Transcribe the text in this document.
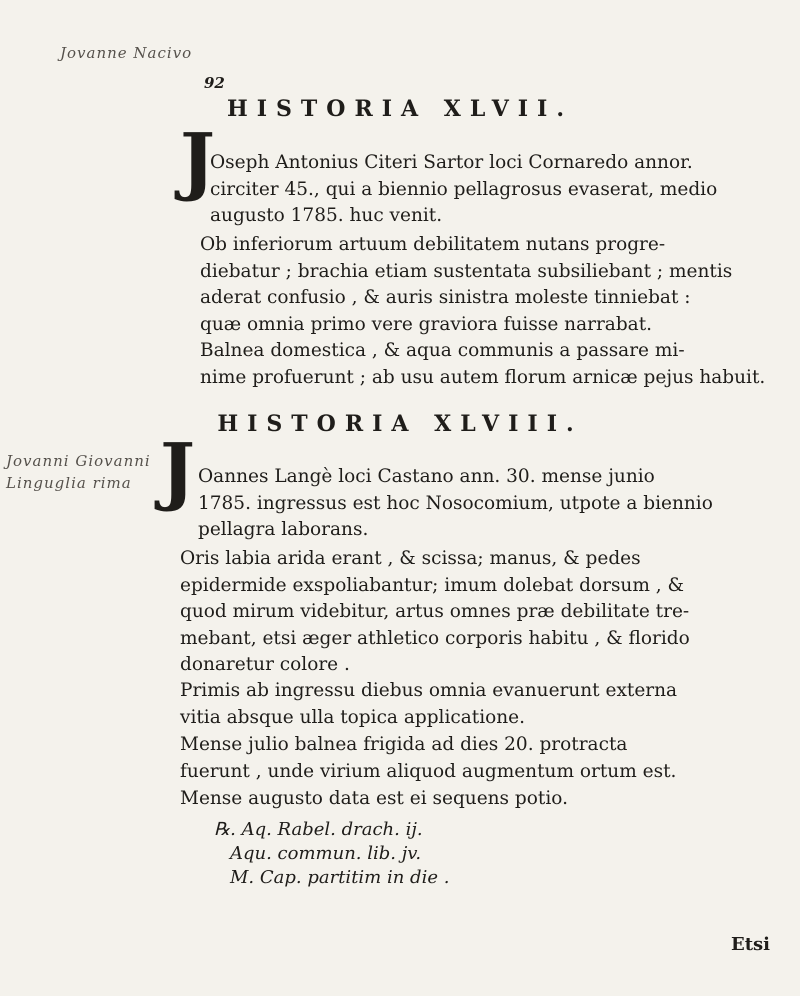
Jovanne Nacivo
92
HISTORIA XLVII.
J

Oseph Antonius Citeri Sartor loci Cornaredo annor.
circiter 45., qui a biennio pellagrosus evaserat, medio
augusto 1785. huc venit.

Ob inferiorum artuum debilitatem nutans progre-
diebatur ; brachia etiam sustentata subsiliebant ; mentis
aderat confusio , & auris sinistra moleste tinniebat :
quæ omnia primo vere graviora fuisse narrabat.

Balnea domestica , & aqua communis a passare mi-
nime profuerunt ; ab usu autem florum arnicæ pejus habuit.

HISTORIA XLVIII.
Jovanni Giovanni
Linguglia rima J Oannes Langè loci Castano ann. 30. mense junio
1785. ingressus est hoc Nosocomium, utpote a biennio
pellagra laborans.

Oris labia arida erant , & scissa; manus, & pedes
epidermide exspoliabantur; imum dolebat dorsum , &
quod mirum videbitur, artus omnes præ debilitate tre-
mebant, etsi æger athletico corporis habitu , & florido
donaretur colore .

Primis ab ingressu diebus omnia evanuerunt externa
vitia absque ulla topica applicatione.

Mense julio balnea frigida ad dies 20. protracta
fuerunt , unde virium aliquod augmentum ortum est.

Mense augusto data est ei sequens potio.

℞. Aq. Rabel. drach. ij.
Aqu. commun. lib. jv.
M. Cap. partitim in die .
Etsi
